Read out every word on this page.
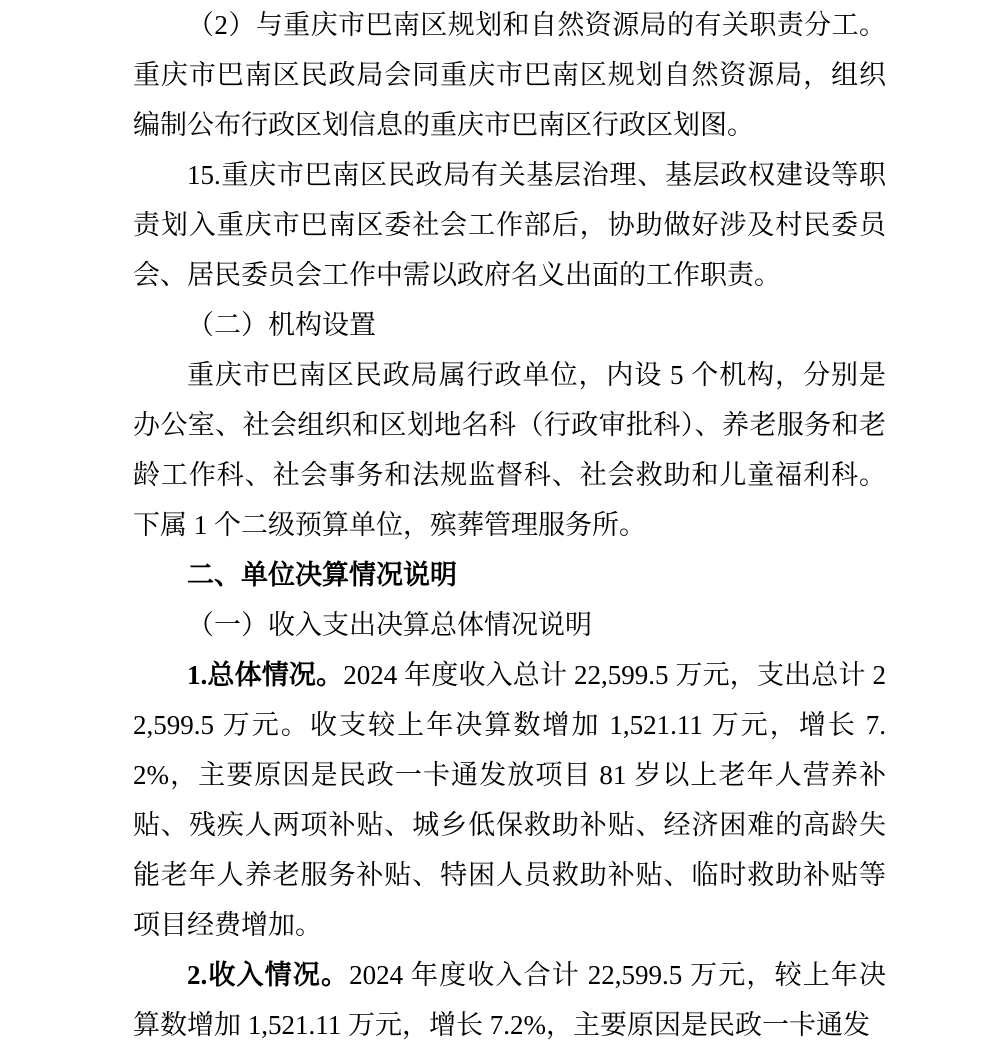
（2）与重庆市巴南区规划和自然资源局的有关职责分工。重庆市巴南区民政局会同重庆市巴南区规划自然资源局，组织编制公布行政区划信息的重庆市巴南区行政区划图。

15.重庆市巴南区民政局有关基层治理、基层政权建设等职责划入重庆市巴南区委社会工作部后，协助做好涉及村民委员会、居民委员会工作中需以政府名义出面的工作职责。

（二）机构设置

重庆市巴南区民政局属行政单位，内设 5 个机构，分别是办公室、社会组织和区划地名科（行政审批科）、养老服务和老龄工作科、社会事务和法规监督科、社会救助和儿童福利科。下属 1 个二级预算单位，殡葬管理服务所。

二、单位决算情况说明

（一）收入支出决算总体情况说明

1.总体情况。2024 年度收入总计 22,599.5 万元，支出总计 22,599.5 万元。收支较上年决算数增加 1,521.11 万元，增长 7.2%，主要原因是民政一卡通发放项目 81 岁以上老年人营养补贴、残疾人两项补贴、城乡低保救助补贴、经济困难的高龄失能老年人养老服务补贴、特困人员救助补贴、临时救助补贴等项目经费增加。

2.收入情况。2024 年度收入合计 22,599.5 万元，较上年决算数增加 1,521.11 万元，增长 7.2%，主要原因是民政一卡通发
